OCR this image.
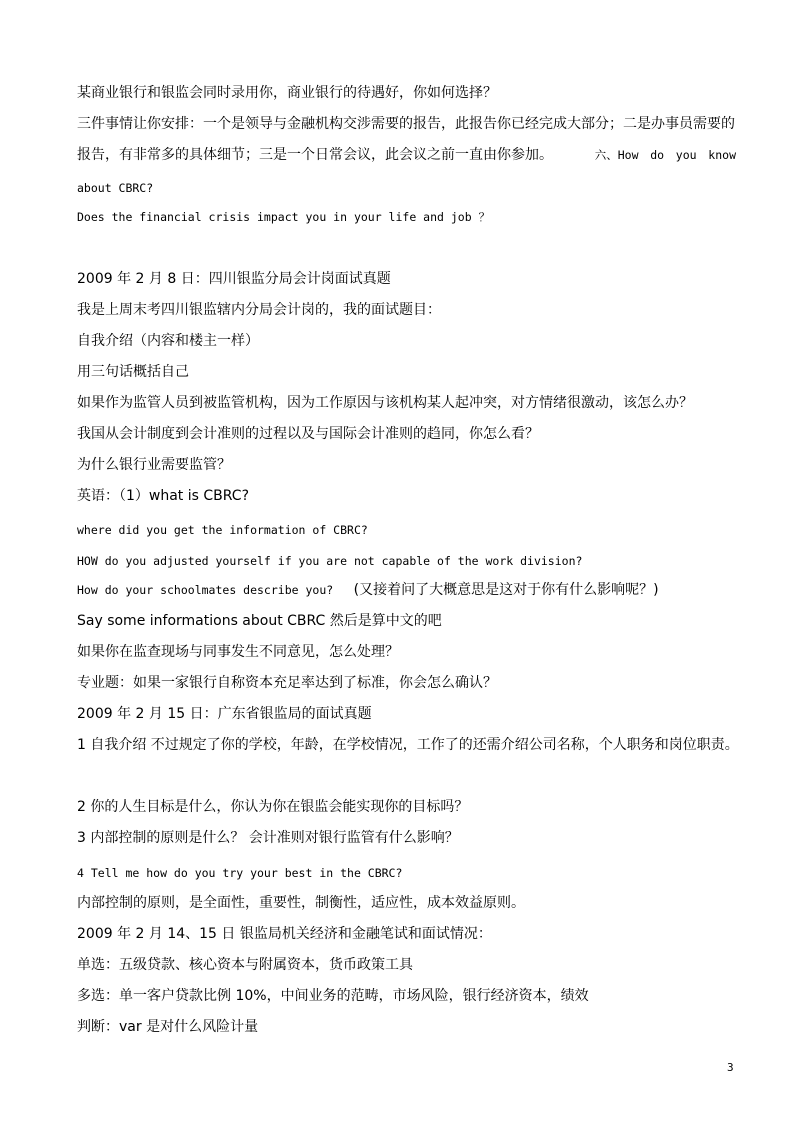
某商业银行和银监会同时录用你，商业银行的待遇好，你如何选择？
三件事情让你安排：一个是领导与金融机构交涉需要的报告，此报告你已经完成大部分；二是办事员需要的
报告，有非常多的具体细节；三是一个日常会议，此会议之前一直由你参加。	六、How do you know
about CBRC?
Does the financial crisis impact you in your life and job ？
2009 年 2 月 8 日：四川银监分局会计岗面试真题
我是上周末考四川银监辖内分局会计岗的，我的面试题目：
自我介绍（内容和楼主一样）
用三句话概括自己
如果作为监管人员到被监管机构，因为工作原因与该机构某人起冲突，对方情绪很激动，该怎么办？
我国从会计制度到会计准则的过程以及与国际会计准则的趋同，你怎么看？
为什么银行业需要监管？
英语：（1）what is CBRC?
where did you get the information of CBRC?
HOW do you adjusted yourself if you are not capable of the work division?
How do your schoolmates describe you? (又接着问了大概意思是这对于你有什么影响呢？)
Say some informations about CBRC 然后是算中文的吧
如果你在监查现场与同事发生不同意见，怎么处理？
专业题：如果一家银行自称资本充足率达到了标准，你会怎么确认？
2009 年 2 月 15 日：广东省银监局的面试真题
1 自我介绍 不过规定了你的学校，年龄，在学校情况，工作了的还需介绍公司名称，个人职务和岗位职责。
2 你的人生目标是什么，你认为你在银监会能实现你的目标吗？
3 内部控制的原则是什么？ 会计准则对银行监管有什么影响？
4 Tell me how do you try your best in the CBRC?
内部控制的原则，是全面性，重要性，制衡性，适应性，成本效益原则。
2009 年 2 月 14、15 日 银监局机关经济和金融笔试和面试情况：
单选：五级贷款、核心资本与附属资本，货币政策工具
多选：单一客户贷款比例 10%，中间业务的范畴，市场风险，银行经济资本，绩效
判断：var 是对什么风险计量
3
